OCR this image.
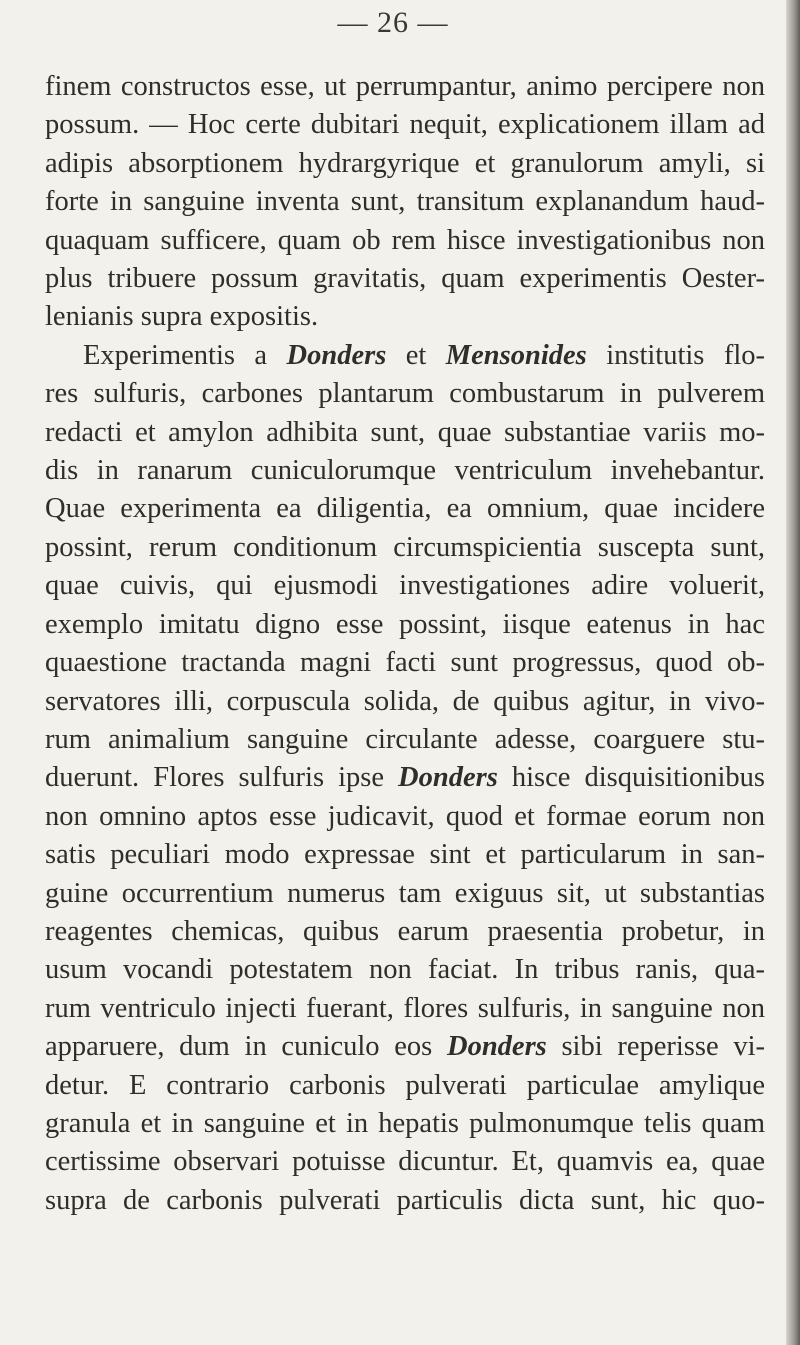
— 26 —
finem constructos esse, ut perrumpantur, animo percipere non
possum. — Hoc certe dubitari nequit, explicationem illam ad
adipis absorptionem hydrargyrique et granulorum amyli, si
forte in sanguine inventa sunt, transitum explanandum haud-
quaquam sufficere, quam ob rem hisce investigationibus non
plus tribuere possum gravitatis, quam experimentis Oester-
lenianis supra expositis.
Experimentis a Donders et Mensonides institutis flo-
res sulfuris, carbones plantarum combustarum in pulverem
redacti et amylon adhibita sunt, quae substantiae variis mo-
dis in ranarum cuniculorumque ventriculum invehebantur.
Quae experimenta ea diligentia, ea omnium, quae incidere
possint, rerum conditionum circumspicientia suscepta sunt,
quae cuivis, qui ejusmodi investigationes adire voluerit,
exemplo imitatu digno esse possint, iisque eatenus in hac
quaestione tractanda magni facti sunt progressus, quod ob-
servatores illi, corpuscula solida, de quibus agitur, in vivo-
rum animalium sanguine circulante adesse, coarguere stu-
duerunt. Flores sulfuris ipse Donders hisce disquisitionibus
non omnino aptos esse judicavit, quod et formae eorum non
satis peculiari modo expressae sint et particularum in san-
guine occurrentium numerus tam exiguus sit, ut substantias
reagentes chemicas, quibus earum praesentia probetur, in
usum vocandi potestatem non faciat. In tribus ranis, qua-
rum ventriculo injecti fuerant, flores sulfuris, in sanguine non
apparuere, dum in cuniculo eos Donders sibi reperisse vi-
detur. E contrario carbonis pulverati particulae amylique
granula et in sanguine et in hepatis pulmonumque telis quam
certissime observari potuisse dicuntur. Et, quamvis ea, quae
supra de carbonis pulverati particulis dicta sunt, hic quo-
